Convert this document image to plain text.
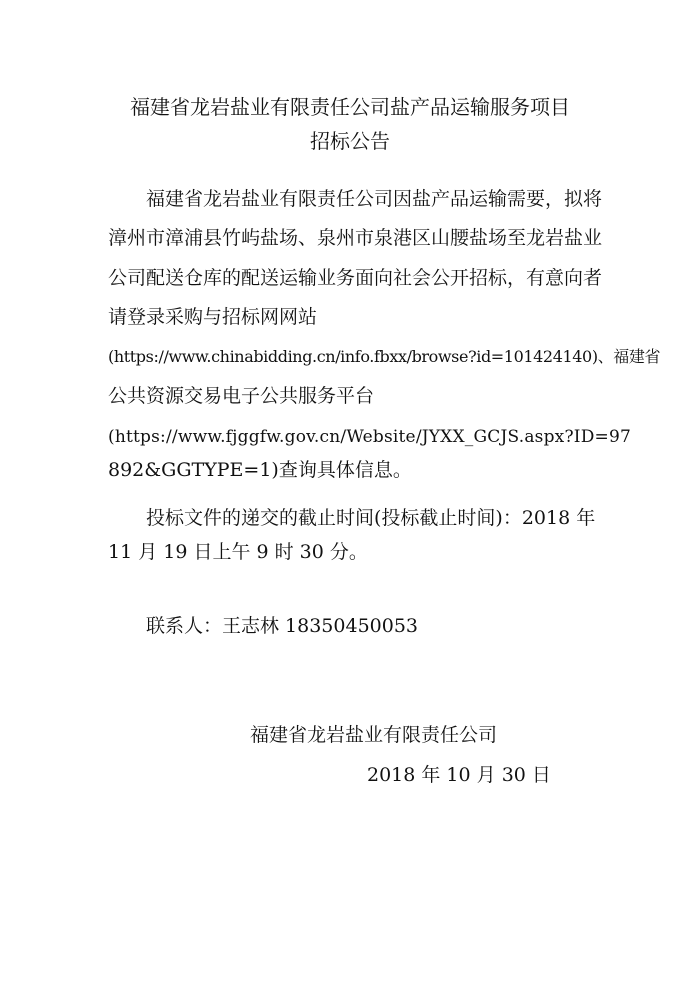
福建省龙岩盐业有限责任公司盐产品运输服务项目
招标公告
福建省龙岩盐业有限责任公司因盐产品运输需要，拟将
漳州市漳浦县竹屿盐场、泉州市泉港区山腰盐场至龙岩盐业
公司配送仓库的配送运输业务面向社会公开招标，有意向者
请登录采购与招标网网站
(https://www.chinabidding.cn/info.fbxx/browse?id=101424140)、福建省
公共资源交易电子公共服务平台
(https://www.fjggfw.gov.cn/Website/JYXX_GCJS.aspx?ID=97
892&GGTYPE=1)查询具体信息。
投标文件的递交的截止时间(投标截止时间)：2018 年
11 月 19 日上午 9 时 30 分。
联系人：王志林 18350450053
福建省龙岩盐业有限责任公司
2018 年 10 月 30 日
